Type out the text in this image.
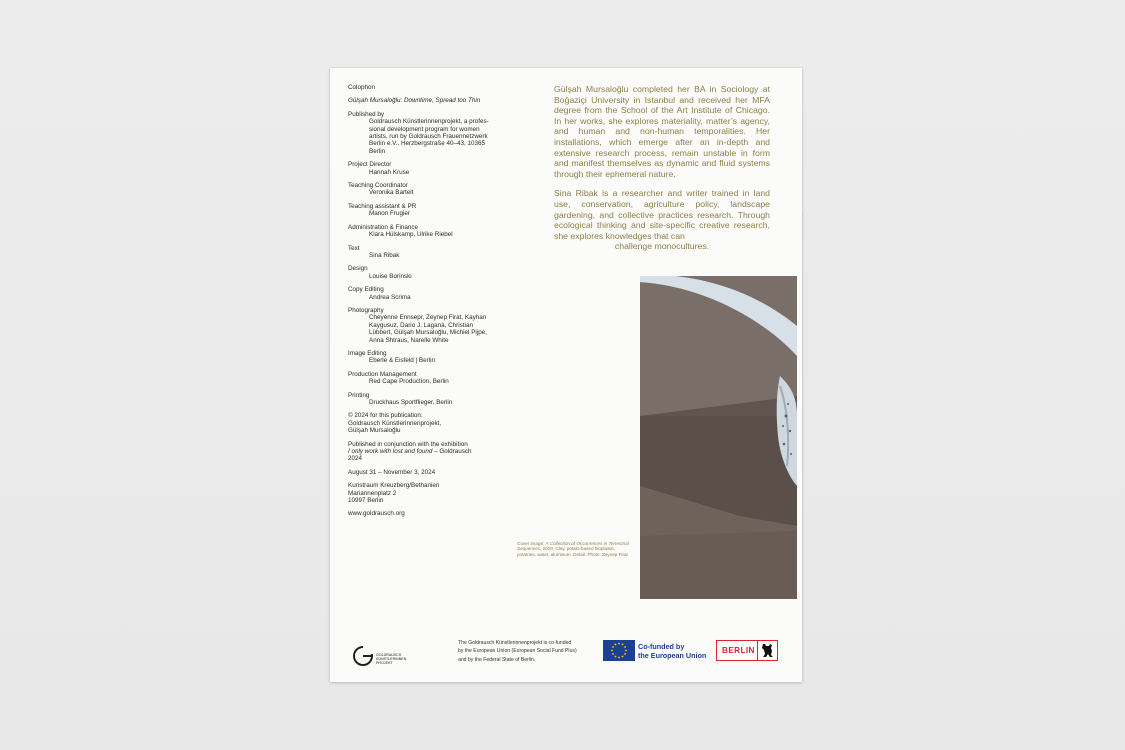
Colophon
Gülşah Mursaloğlu: Downtime, Spread too Thin
Published by
Goldrausch Künstlerinnenprojekt, a profes-
sional development program for women
artists, run by Goldrausch Frauennetzwerk
Berlin e.V., Herzbergstraße 40–43, 10365
Berlin
Project Director
Hannah Kruse
Teaching Coordinator
Veronika Bartelt
Teaching assistant & PR
Manon Frugier
Administration & Finance
Klara Hülskamp, Ulrike Riebel
Text
Sina Ribak
Design
Louise Borinski
Copy Editing
Andrea Scrima
Photography
Cheyenne Ennsepr, Zeynep Firat, Kayhan
Kaygusuz, Dario J. Laganà, Christian
Lübbert, Gülşah Mursaloğlu, Michiel Pijpe,
Anna Shtraus, Narelle White
Image Editing
Eberle & Eisfeld | Berlin
Production Management
Red Cape Production, Berlin
Printing
Druckhaus Sportflieger, Berlin
© 2024 for this publication:
Goldrausch Künstlerinnenprojekt,
Gülşah Mursaloğlu
Published in conjunction with the exhibition
I only work with lost and found – Goldrausch
2024
August 31 – November 3, 2024
Kunstraum Kreuzberg/Bethanien
Mariannenplatz 2
10997 Berlin
www.goldrausch.org

Gülşah Mursaloğlu completed her BA in Sociology at Boğaziçi University in Istanbul and received her MFA degree from the School of the Art Institute of Chicago. In her works, she explores materiality, matter’s agency, and human and non-human temporalities. Her installations, which emerge after an in-depth and extensive research process, remain unstable in form and manifest themselves as dynamic and fluid systems through their ephemeral nature.

Sina Ribak is a researcher and writer trained in land use, conservation, agriculture policy, landscape gardening, and collective practices research. Through ecological thinking and site-specific creative research, she explores knowledges that can
challenge monocultures.

Cover image: A Collection of Occurrences in Terrestrial Sequences, 2020, Clay, potato-based bioplastic, potatoes, water, aluminum. Detail. Photo: Zeynep Firat
GOLDRAUSCH
KÜNSTLERINNEN
PROJEKT
The Goldrausch Künstlerinnenprojekt is co-funded
by the European Union (European Social Fund Plus)
and by the Federal State of Berlin.
Co-funded by
the European Union
BERLIN
